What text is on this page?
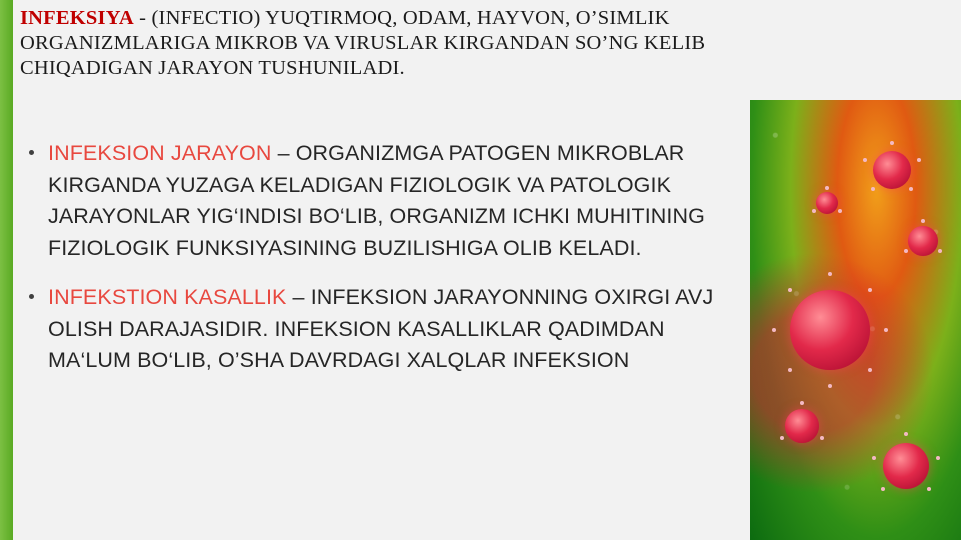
INFEKSIYA - (INFECTIO) YUQTIRMOQ, ODAM, HAYVON, O’SIMLIK ORGANIZMLARIGA MIKROB VA VIRUSLAR KIRGANDAN SO’NG KELIB CHIQADIGAN JARAYON TUSHUNILADI.
INFEKSION JARAYON – ORGANIZMGA PATOGEN MIKROBLAR KIRGANDA YUZAGA KELADIGAN FIZIOLOGIK VA PATOLOGIK JARAYONLAR YIG‘INDISI BO‘LIB, ORGANIZM ICHKI MUHITINING FIZIOLOGIK FUNKSIYASINING BUZILISHIGA OLIB KELADI.
INFEKSTION KASALLIK – INFEKSION JARAYONNING OXIRGI AVJ OLISH DARAJASIDIR. INFEKSION KASALLIKLAR QADIMDAN MA‘LUM BO‘LIB, O’SHA DAVRDAGI XALQLAR INFEKSION
